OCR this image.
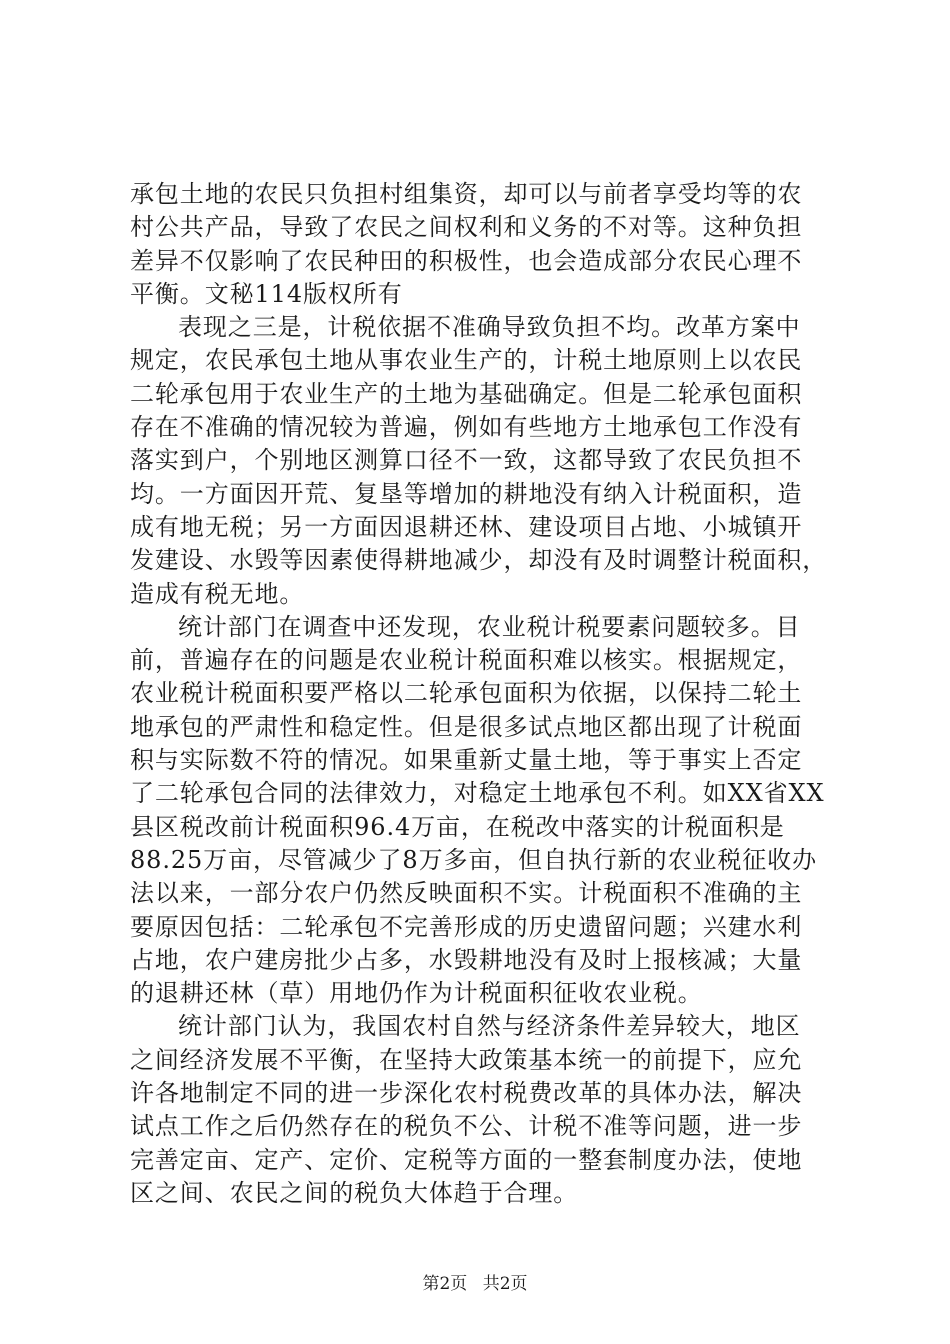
承包土地的农民只负担村组集资，却可以与前者享受均等的农
村公共产品，导致了农民之间权利和义务的不对等。这种负担
差异不仅影响了农民种田的积极性，也会造成部分农民心理不
平衡。文秘114版权所有
表现之三是，计税依据不准确导致负担不均。改革方案中
规定，农民承包土地从事农业生产的，计税土地原则上以农民
二轮承包用于农业生产的土地为基础确定。但是二轮承包面积
存在不准确的情况较为普遍，例如有些地方土地承包工作没有
落实到户，个别地区测算口径不一致，这都导致了农民负担不
均。一方面因开荒、复垦等增加的耕地没有纳入计税面积，造
成有地无税；另一方面因退耕还林、建设项目占地、小城镇开
发建设、水毁等因素使得耕地减少，却没有及时调整计税面积，
造成有税无地。
统计部门在调查中还发现，农业税计税要素问题较多。目
前，普遍存在的问题是农业税计税面积难以核实。根据规定，
农业税计税面积要严格以二轮承包面积为依据，以保持二轮土
地承包的严肃性和稳定性。但是很多试点地区都出现了计税面
积与实际数不符的情况。如果重新丈量土地，等于事实上否定
了二轮承包合同的法律效力，对稳定土地承包不利。如XX省XX
县区税改前计税面积96.4万亩，在税改中落实的计税面积是
88.25万亩，尽管减少了8万多亩，但自执行新的农业税征收办
法以来，一部分农户仍然反映面积不实。计税面积不准确的主
要原因包括：二轮承包不完善形成的历史遗留问题；兴建水利
占地，农户建房批少占多，水毁耕地没有及时上报核减；大量
的退耕还林（草）用地仍作为计税面积征收农业税。
统计部门认为，我国农村自然与经济条件差异较大，地区
之间经济发展不平衡，在坚持大政策基本统一的前提下，应允
许各地制定不同的进一步深化农村税费改革的具体办法，解决
试点工作之后仍然存在的税负不公、计税不准等问题，进一步
完善定亩、定产、定价、定税等方面的一整套制度办法，使地
区之间、农民之间的税负大体趋于合理。
第2页 共2页
